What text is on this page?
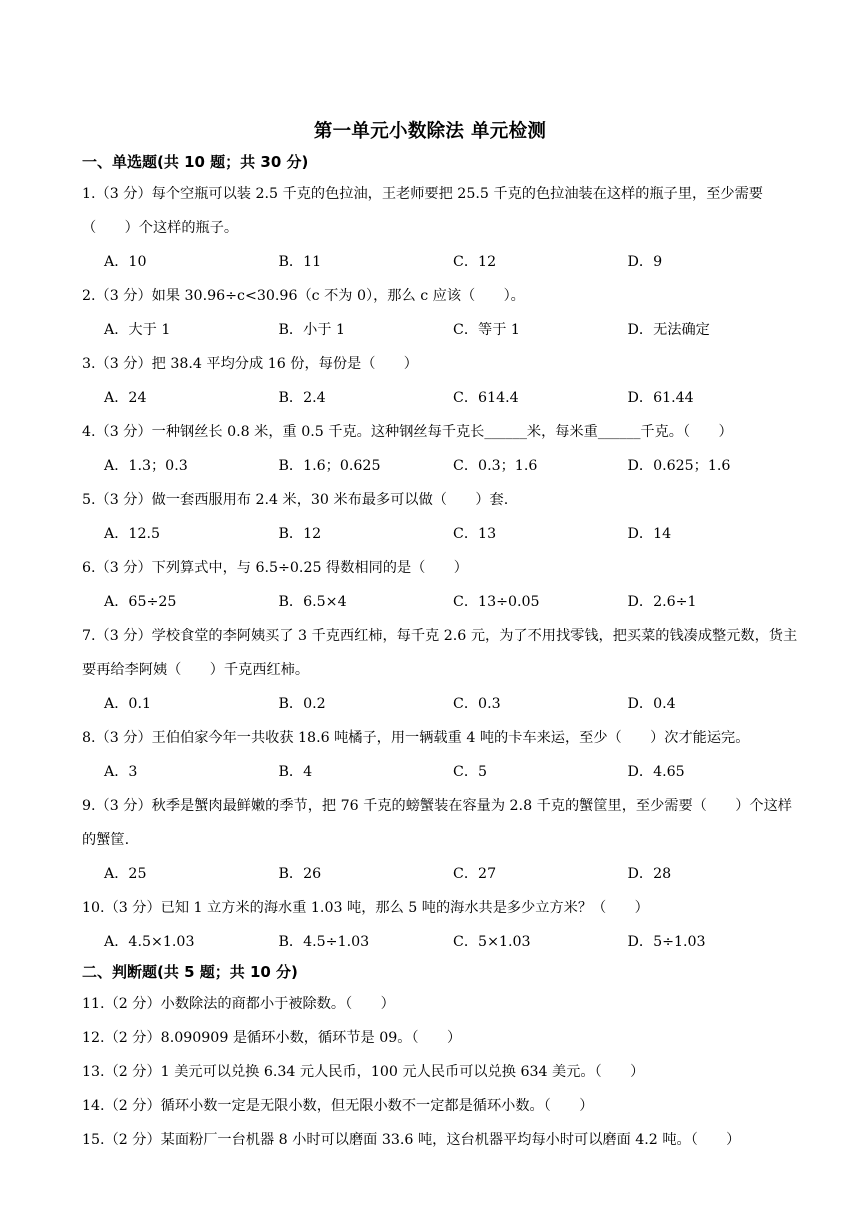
第一单元小数除法 单元检测
一、单选题(共 10 题；共 30 分)
1.（3 分）每个空瓶可以装 2.5 千克的色拉油，王老师要把 25.5 千克的色拉油装在这样的瓶子里，至少需要（　　）个这样的瓶子。
A．10	B．11	C．12	D．9
2.（3 分）如果 30.96÷c<30.96（c 不为 0），那么 c 应该（　　）。
A．大于 1	B．小于 1	C．等于 1	D．无法确定
3.（3 分）把 38.4 平均分成 16 份，每份是（　　）
A．24	B．2.4	C．614.4	D．61.44
4.（3 分）一种钢丝长 0.8 米，重 0.5 千克。这种钢丝每千克长______米，每米重______千克。（　　）
A．1.3；0.3	B．1.6；0.625	C．0.3；1.6	D．0.625；1.6
5.（3 分）做一套西服用布 2.4 米，30 米布最多可以做（　　）套.
A．12.5	B．12	C．13	D．14
6.（3 分）下列算式中，与 6.5÷0.25 得数相同的是（　　）
A．65÷25	B．6.5×4	C．13÷0.05	D．2.6÷1
7.（3 分）学校食堂的李阿姨买了 3 千克西红柿，每千克 2.6 元，为了不用找零钱，把买菜的钱凑成整元数，货主要再给李阿姨（　　）千克西红柿。
A．0.1	B．0.2	C．0.3	D．0.4
8.（3 分）王伯伯家今年一共收获 18.6 吨橘子，用一辆载重 4 吨的卡车来运，至少（　　）次才能运完。
A．3	B．4	C．5	D．4.65
9.（3 分）秋季是蟹肉最鲜嫩的季节，把 76 千克的螃蟹装在容量为 2.8 千克的蟹筐里，至少需要（　　）个这样的蟹筐.
A．25	B．26	C．27	D．28
10.（3 分）已知 1 立方米的海水重 1.03 吨，那么 5 吨的海水共是多少立方米？（　　）
A．4.5×1.03	B．4.5÷1.03	C．5×1.03	D．5÷1.03
二、判断题(共 5 题；共 10 分)
11.（2 分）小数除法的商都小于被除数。（　　）
12.（2 分）8.090909 是循环小数，循环节是 09。（　　）
13.（2 分）1 美元可以兑换 6.34 元人民币，100 元人民币可以兑换 634 美元。（　　）
14.（2 分）循环小数一定是无限小数，但无限小数不一定都是循环小数。（　　）
15.（2 分）某面粉厂一台机器 8 小时可以磨面 33.6 吨，这台机器平均每小时可以磨面 4.2 吨。（　　）
